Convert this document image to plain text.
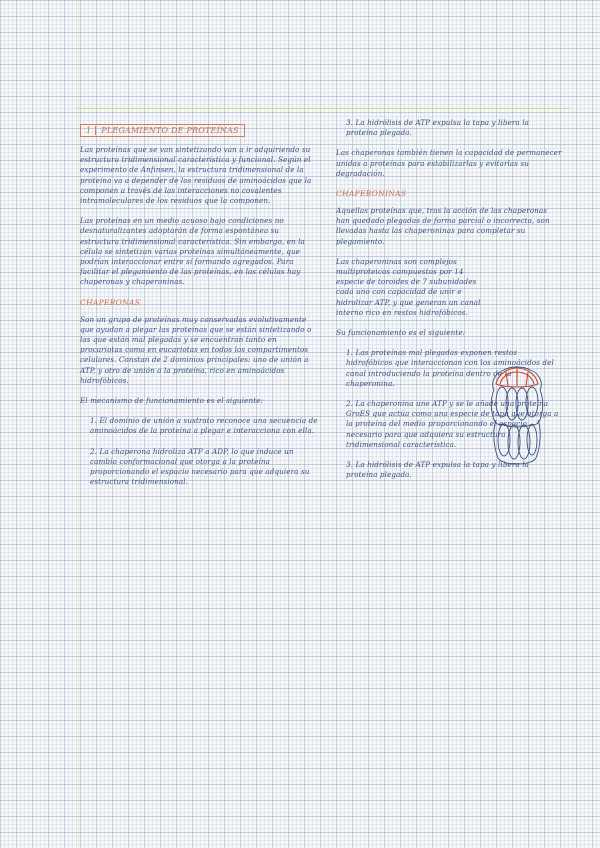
1 PLEGAMIENTO DE PROTEÍNAS

Las proteínas que se van sintetizando van a ir adquiriendo su estructura tridimensional característica y funcional. Según el experimento de Anfinsen, la estructura tridimensional de la proteína va a depender de los residuos de aminoácidos que la componen a través de las interacciones no covalentes intramoleculares de los residuos que la componen.

Las proteínas en un medio acuoso bajo condiciones no desnaturalizantes adoptarán de forma espontánea su estructura tridimensional característica. Sin embargo, en la célula se sintetizan varias proteínas simultáneamente, que podrían interaccionar entre sí formando agregados. Para facilitar el plegamiento de las proteínas, en las células hay chaperonas y chaperoninas.

CHAPERONAS

Son un grupo de proteínas muy conservadas evolutivamente que ayudan a plegar las proteínas que se están sintetizando o las que están mal plegadas y se encuentran tanto en procariotas como en eucariotas en todos los compartimentos celulares. Constan de 2 dominios principales: uno de unión a ATP, y otro de unión a la proteína, rico en aminoácidos hidrofóbicos.

El mecanismo de funcionamiento es el siguiente:

1. El dominio de unión a sustrato reconoce una secuencia de aminoácidos de la proteína a plegar e interacciona con ella.

2. La chaperona hidroliza ATP a ADP, lo que induce un cambio conformacional que otorga a la proteína proporcionando el espacio necesario para que adquiera su estructura tridimensional.

3. La hidrólisis de ATP expulsa la tapa y libera la proteína plegada.

Las chaperonas también tienen la capacidad de permanecer unidas a proteínas para estabilizarlas y evitarlas su degradación.

CHAPERONINAS

Aquellas proteínas que, tras la acción de las chaperonas han quedado plegadas de forma parcial o incorrecta, son llevadas hasta las chaperoninas para completar su plegamiento.

Las chaperoninas son complejos multiproteicos compuestos por 14 especie de toroides de 7 subunidades cada uno con capacidad de unir e hidrolizar ATP, y que generan un canal interno rico en restos hidrofóbicos.

Su funcionamiento es el siguiente:

1. Las proteínas mal plegadas exponen restos hidrofóbicos que interaccionan con los aminoácidos del canal introduciendo la proteína dentro de la chaperonina.

2. La chaperonina une ATP y se le añade una proteína GroES que actúa como una especie de tapa que otorga a la proteína del medio proporcionando el espacio necesario para que adquiera su estructura tridimensional característica.

3. La hidrólisis de ATP expulsa la tapa y libera la proteína plegada.
